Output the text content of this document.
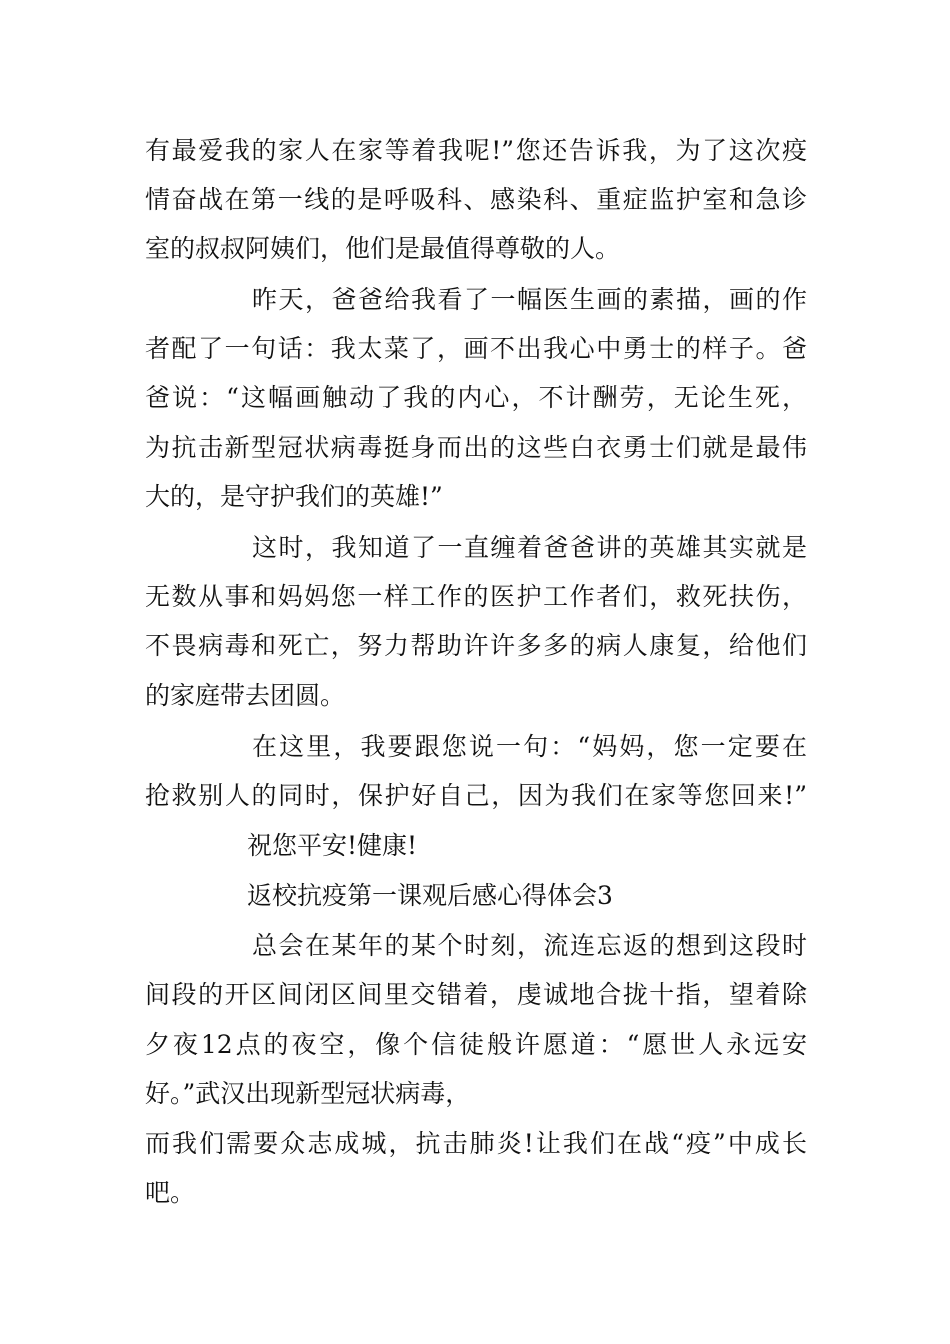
有最爱我的家人在家等着我呢!”您还告诉我，为了这次疫
情奋战在第一线的是呼吸科、感染科、重症监护室和急诊
室的叔叔阿姨们，他们是最值得尊敬的人。
昨天，爸爸给我看了一幅医生画的素描，画的作
者配了一句话：我太菜了，画不出我心中勇士的样子。爸
爸说：“这幅画触动了我的内心，不计酬劳，无论生死，
为抗击新型冠状病毒挺身而出的这些白衣勇士们就是最伟
大的，是守护我们的英雄!”
这时，我知道了一直缠着爸爸讲的英雄其实就是
无数从事和妈妈您一样工作的医护工作者们，救死扶伤，
不畏病毒和死亡，努力帮助许许多多的病人康复，给他们
的家庭带去团圆。
在这里，我要跟您说一句：“妈妈，您一定要在
抢救别人的同时，保护好自己，因为我们在家等您回来!”
祝您平安!健康!
返校抗疫第一课观后感心得体会3
总会在某年的某个时刻，流连忘返的想到这段时
间段的开区间闭区间里交错着，虔诚地合拢十指，望着除
夕夜12点的夜空，像个信徒般许愿道：“愿世人永远安
好。”武汉出现新型冠状病毒，
而我们需要众志成城，抗击肺炎!让我们在战“疫”中成长
吧。
